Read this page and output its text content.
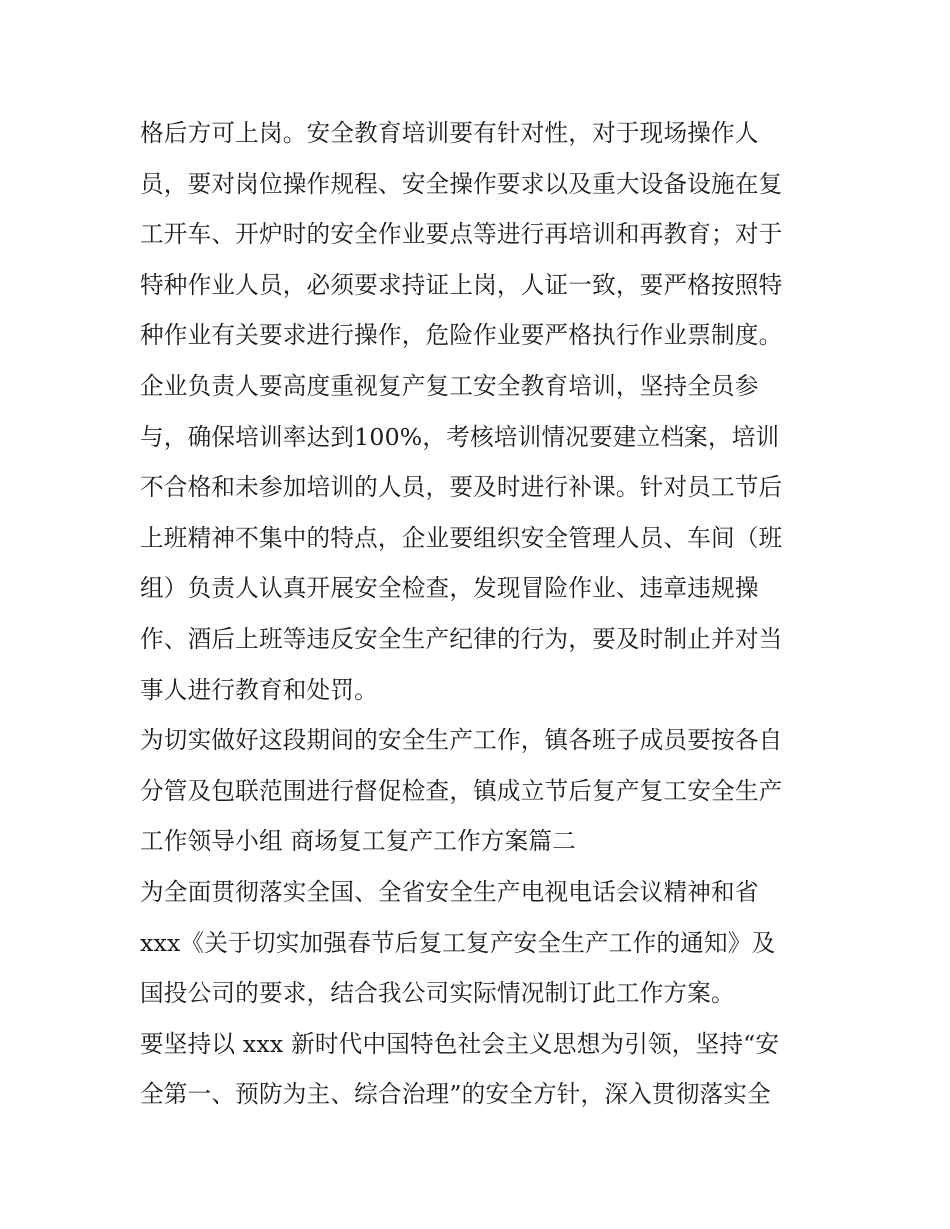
格后方可上岗。安全教育培训要有针对性，对于现场操作人
员，要对岗位操作规程、安全操作要求以及重大设备设施在复
工开车、开炉时的安全作业要点等进行再培训和再教育；对于
特种作业人员，必须要求持证上岗，人证一致，要严格按照特
种作业有关要求进行操作，危险作业要严格执行作业票制度。
企业负责人要高度重视复产复工安全教育培训，坚持全员参
与，确保培训率达到100%，考核培训情况要建立档案，培训
不合格和未参加培训的人员，要及时进行补课。针对员工节后
上班精神不集中的特点，企业要组织安全管理人员、车间（班
组）负责人认真开展安全检查，发现冒险作业、违章违规操
作、酒后上班等违反安全生产纪律的行为，要及时制止并对当
事人进行教育和处罚。
为切实做好这段期间的安全生产工作，镇各班子成员要按各自
分管及包联范围进行督促检查，镇成立节后复产复工安全生产
工作领导小组 商场复工复产工作方案篇二
为全面贯彻落实全国、全省安全生产电视电话会议精神和省
xxx《关于切实加强春节后复工复产安全生产工作的通知》及
国投公司的要求，结合我公司实际情况制订此工作方案。
要坚持以 xxx 新时代中国特色社会主义思想为引领，坚持“安
全第一、预防为主、综合治理”的安全方针，深入贯彻落实全
